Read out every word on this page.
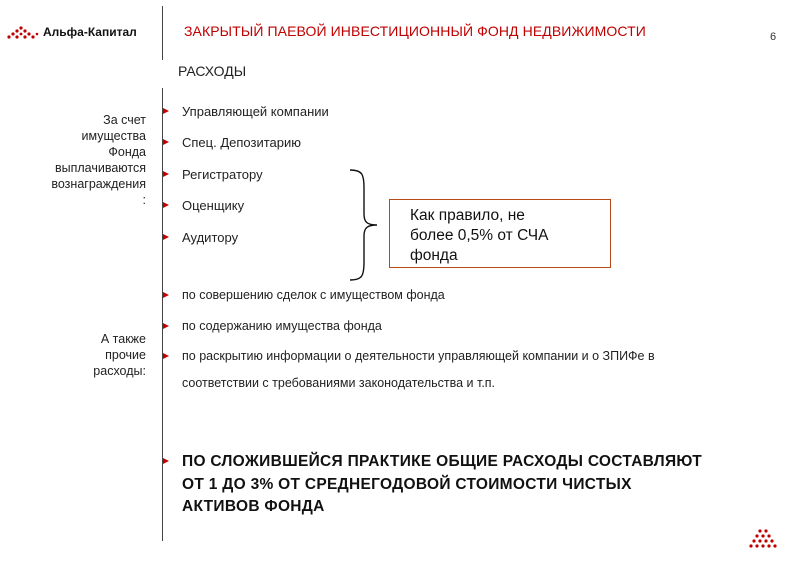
Альфа-Капитал	ЗАКРЫТЫЙ ПАЕВОЙ ИНВЕСТИЦИОННЫЙ ФОНД НЕДВИЖИМОСТИ	6
РАСХОДЫ
За счет
имущества
Фонда
выплачиваются
вознаграждения
:
А также
прочие
расходы:
Управляющей компании
Спец. Депозитарию
Регистратору
Оценщику
Аудитору
Как правило, не
более 0,5% от СЧА
фонда
по совершению сделок с имуществом фонда
по содержанию имущества фонда
по раскрытию информации о деятельности управляющей компании и о ЗПИФе в
соответствии с требованиями законодательства и т.п.
ПО СЛОЖИВШЕЙСЯ ПРАКТИКЕ ОБЩИЕ РАСХОДЫ СОСТАВЛЯЮТ
ОТ 1 ДО 3% ОТ СРЕДНЕГОДОВОЙ СТОИМОСТИ ЧИСТЫХ
АКТИВОВ ФОНДА
